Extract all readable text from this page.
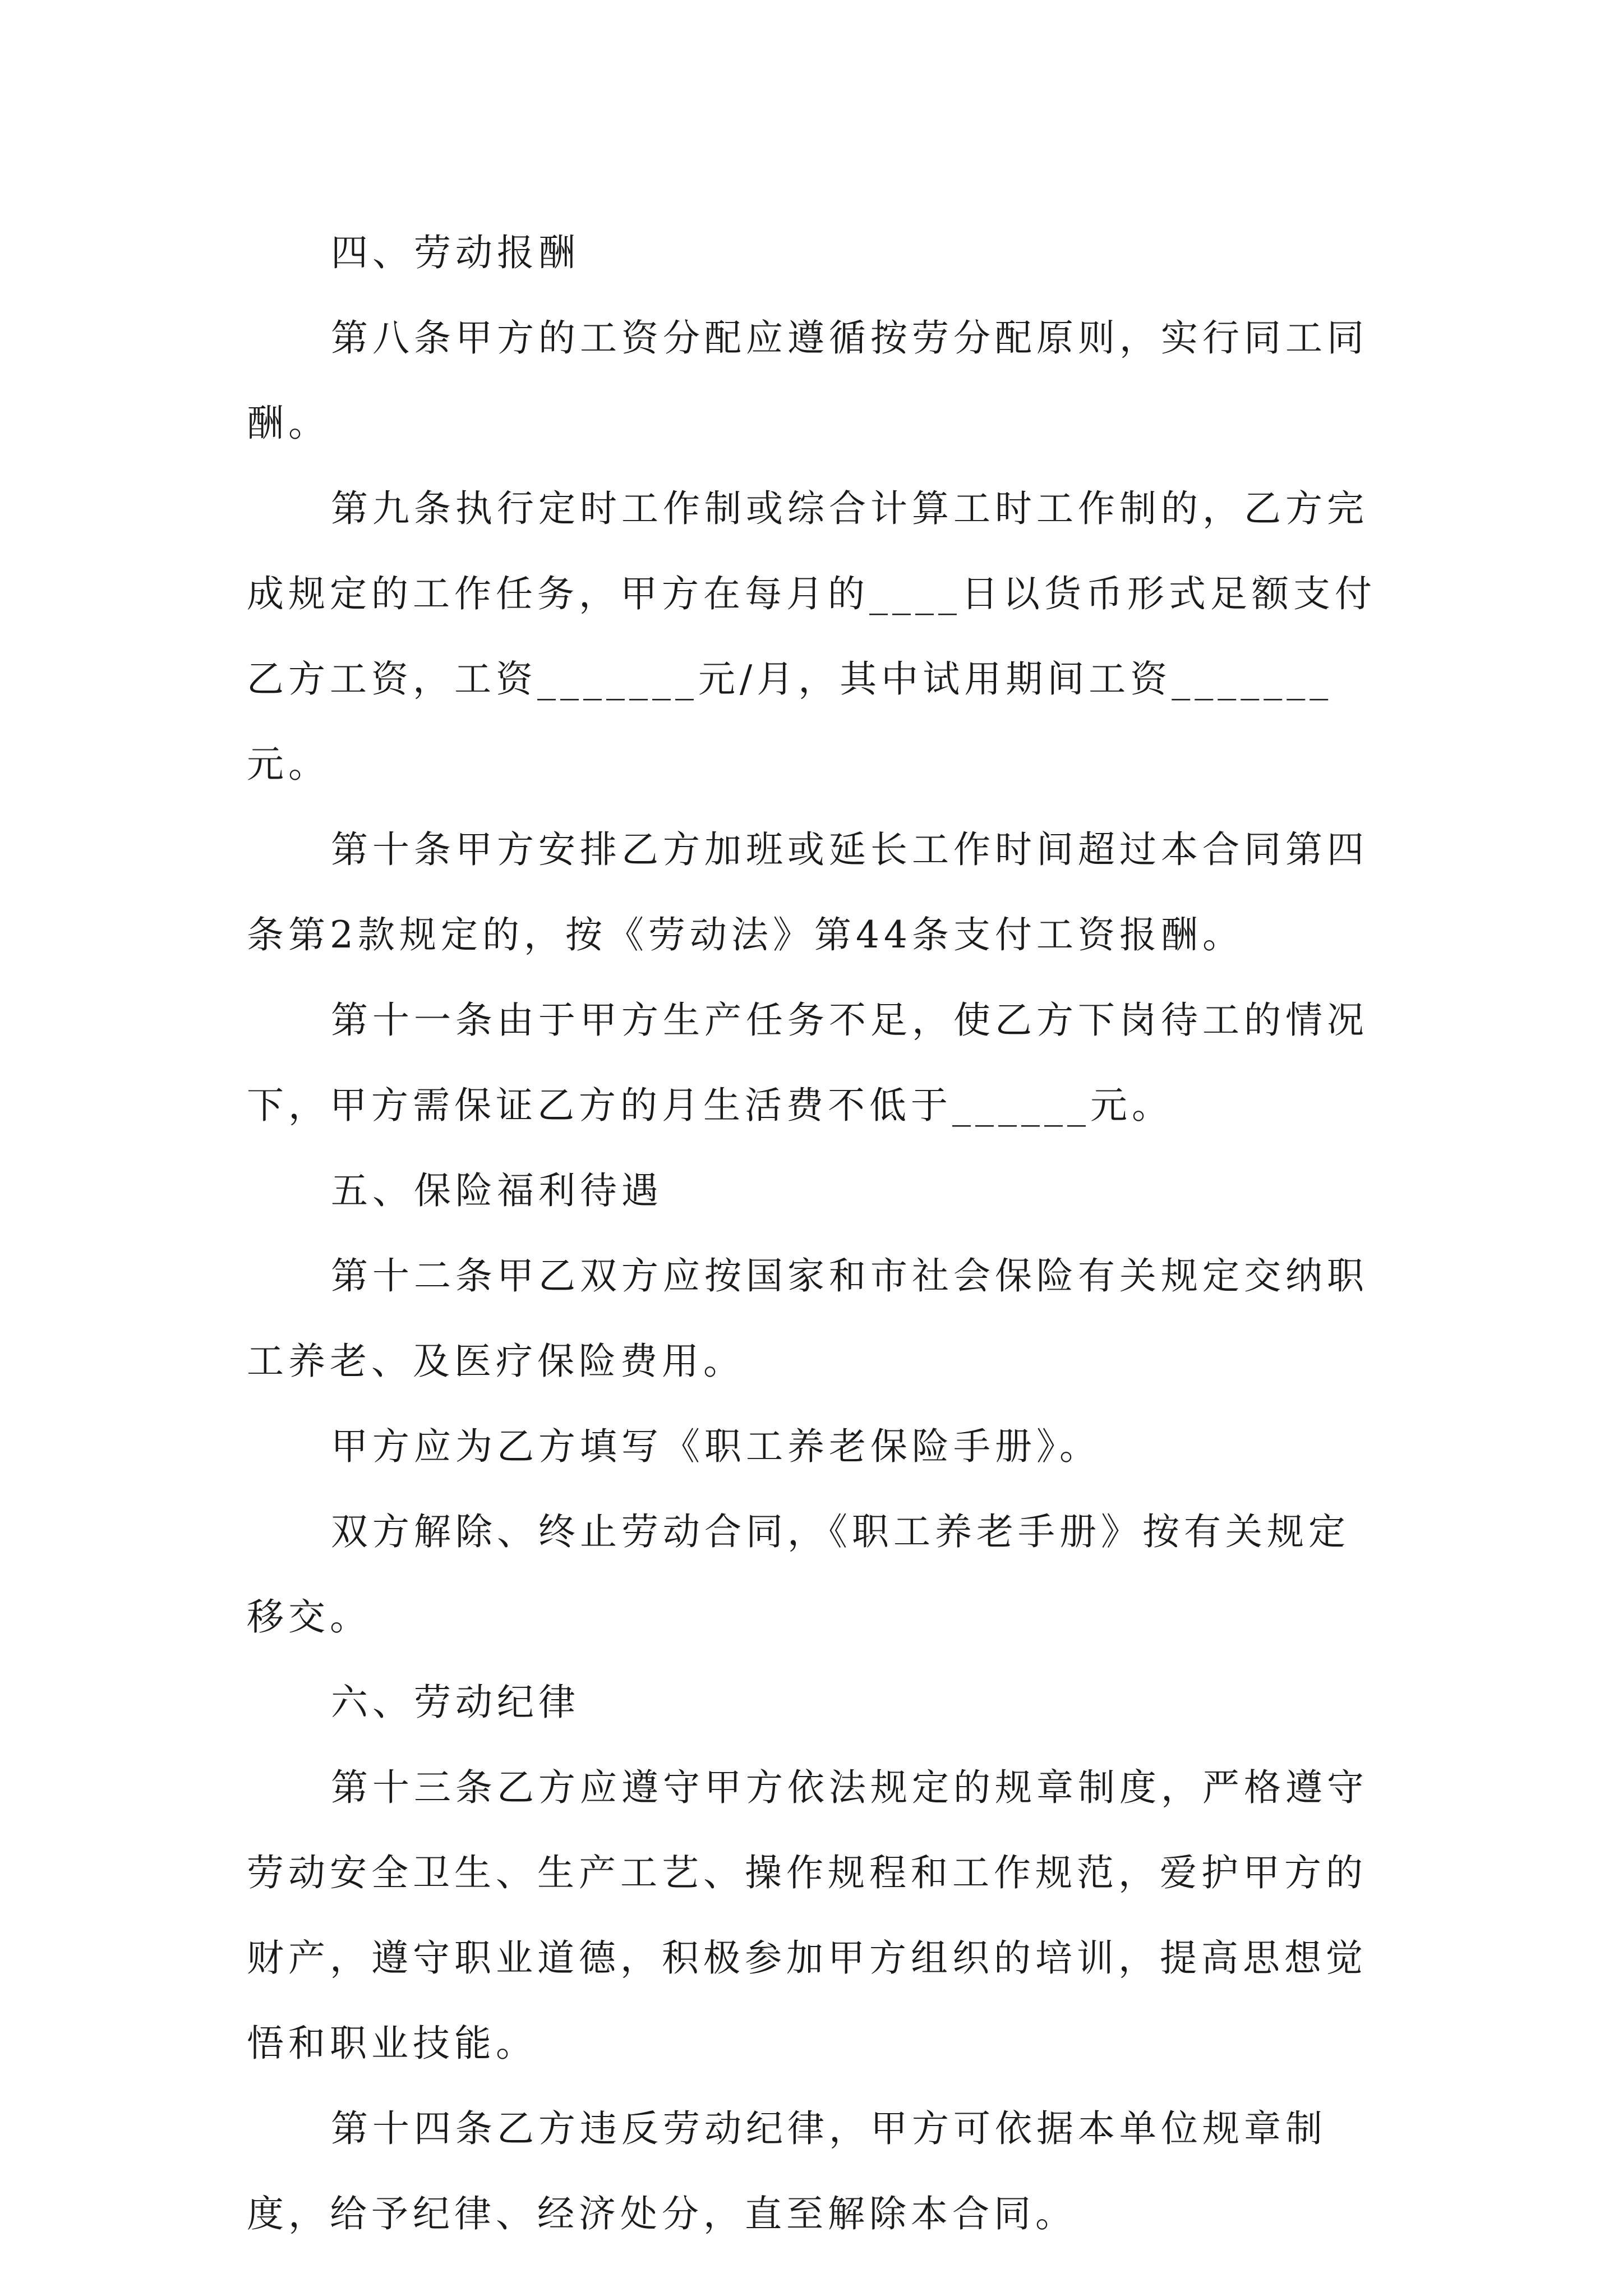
四、劳动报酬

第八条甲方的工资分配应遵循按劳分配原则，实行同工同酬。

第九条执行定时工作制或综合计算工时工作制的，乙方完成规定的工作任务，甲方在每月的____日以货币形式足额支付乙方工资，工资_______元/月，其中试用期间工资_______元。

第十条甲方安排乙方加班或延长工作时间超过本合同第四条第2款规定的，按《劳动法》第44条支付工资报酬。

第十一条由于甲方生产任务不足，使乙方下岗待工的情况下，甲方需保证乙方的月生活费不低于______元。

五、保险福利待遇

第十二条甲乙双方应按国家和市社会保险有关规定交纳职工养老、及医疗保险费用。

甲方应为乙方填写《职工养老保险手册》。

双方解除、终止劳动合同，《职工养老手册》按有关规定移交。

六、劳动纪律

第十三条乙方应遵守甲方依法规定的规章制度，严格遵守劳动安全卫生、生产工艺、操作规程和工作规范，爱护甲方的财产，遵守职业道德，积极参加甲方组织的培训，提高思想觉悟和职业技能。

第十四条乙方违反劳动纪律，甲方可依据本单位规章制度，给予纪律、经济处分，直至解除本合同。
